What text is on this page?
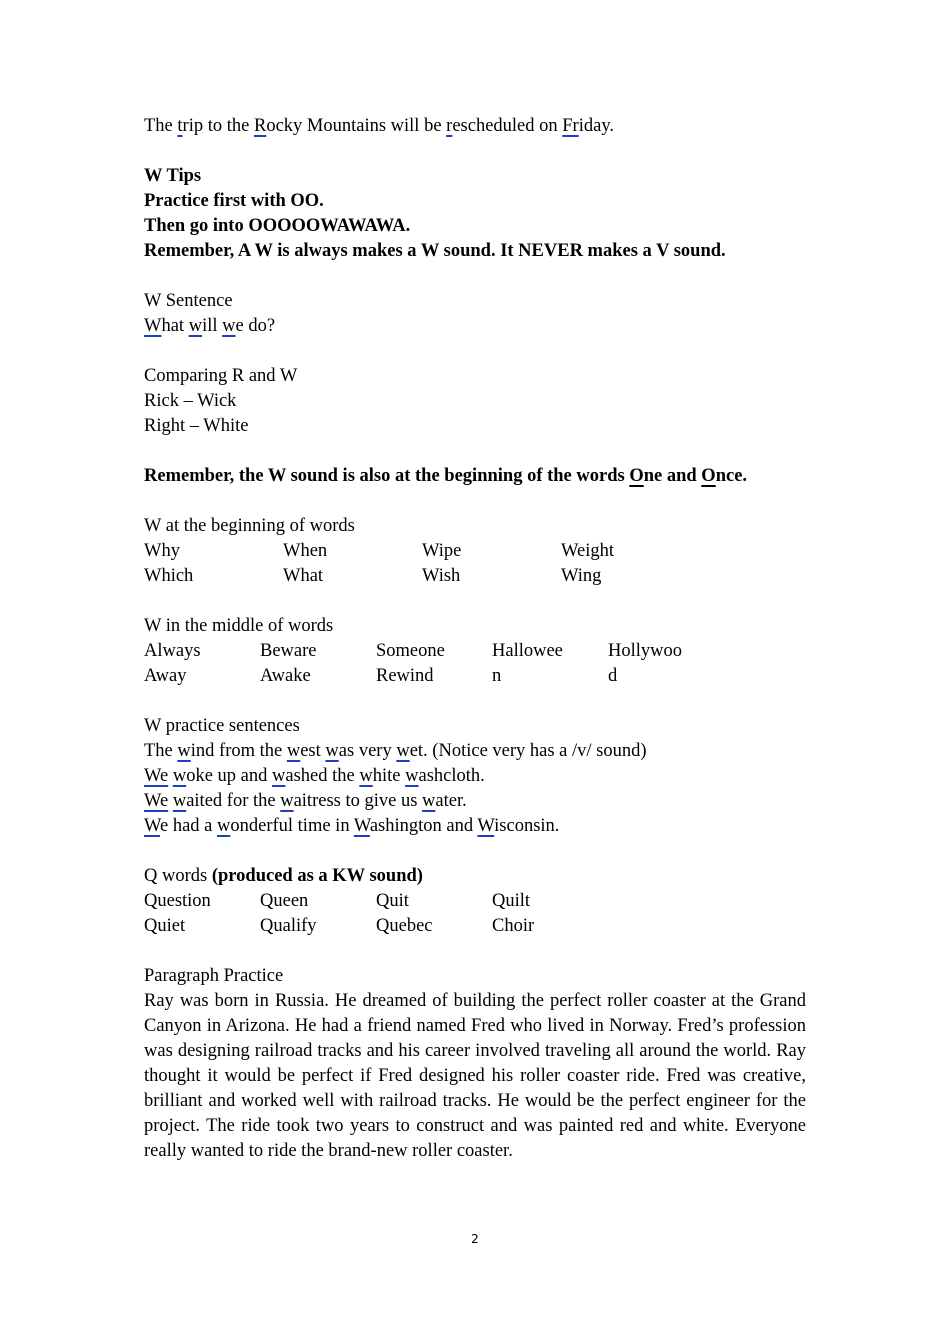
The trip to the Rocky Mountains will be rescheduled on Friday.
W Tips
Practice first with OO.
Then go into OOOOOWAWAWA.
Remember, A W is always makes a W sound. It NEVER makes a V sound.
W Sentence
What will we do?
Comparing R and W
Rick – Wick
Right – White
Remember, the W sound is also at the beginning of the words One and Once.
W at the beginning of words
Why	When	Wipe	Weight
Which	What	Wish	Wing
W in the middle of words
Always	Beware	Someone	Hallowee	Hollywoo
Away	Awake	Rewind	n	d
W practice sentences
The wind from the west was very wet. (Notice very has a /v/ sound)
We woke up and washed the white washcloth.
We waited for the waitress to give us water.
We had a wonderful time in Washington and Wisconsin.
Q words (produced as a KW sound)
Question	Queen	Quit	Quilt
Quiet	Qualify	Quebec	Choir
Paragraph Practice
Ray was born in Russia. He dreamed of building the perfect roller coaster at the Grand Canyon in Arizona. He had a friend named Fred who lived in Norway. Fred’s profession was designing railroad tracks and his career involved traveling all around the world. Ray thought it would be perfect if Fred designed his roller coaster ride. Fred was creative, brilliant and worked well with railroad tracks. He would be the perfect engineer for the project. The ride took two years to construct and was painted red and white. Everyone really wanted to ride the brand-new roller coaster.
2
